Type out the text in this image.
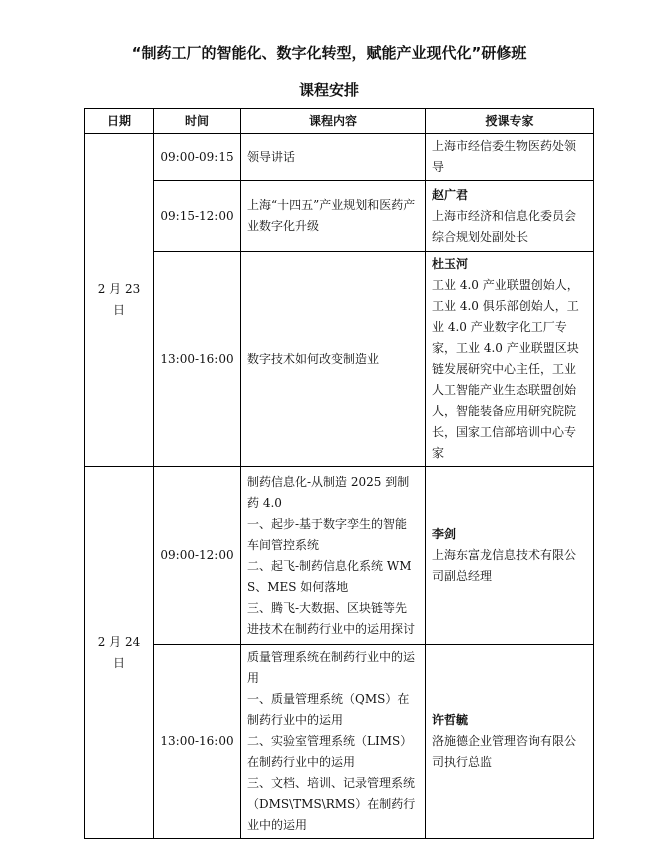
“制药工厂的智能化、数字化转型，赋能产业现代化”研修班
课程安排
日期	时间	课程内容	授课专家
2 月 23 日	09:00-09:15	领导讲话	上海市经信委生物医药处领导

	09:15-12:00	上海“十四五”产业规划和医药产业数字化升级	赵广君
上海市经济和信息化委员会综合规划处副处长

	13:00-16:00	数字技术如何改变制造业	杜玉河
工业 4.0 产业联盟创始人，工业 4.0 俱乐部创始人，工业 4.0 产业数字化工厂专家，工业 4.0 产业联盟区块链发展研究中心主任，工业人工智能产业生态联盟创始人，智能装备应用研究院院长，国家工信部培训中心专家

2 月 24 日	09:00-12:00	制药信息化-从制造 2025 到制药 4.0
一、起步-基于数字孪生的智能车间管控系统
二、起飞-制药信息化系统 WMS、MES 如何落地
三、腾飞-大数据、区块链等先进技术在制药行业中的运用探讨	李剑
上海东富龙信息技术有限公司副总经理

	13:00-16:00	质量管理系统在制药行业中的运用
一、质量管理系统（QMS）在制药行业中的运用
二、实验室管理系统（LIMS）在制药行业中的运用
三、文档、培训、记录管理系统（DMS\TMS\RMS）在制药行业中的运用	许哲毓
洛施德企业管理咨询有限公司执行总监
